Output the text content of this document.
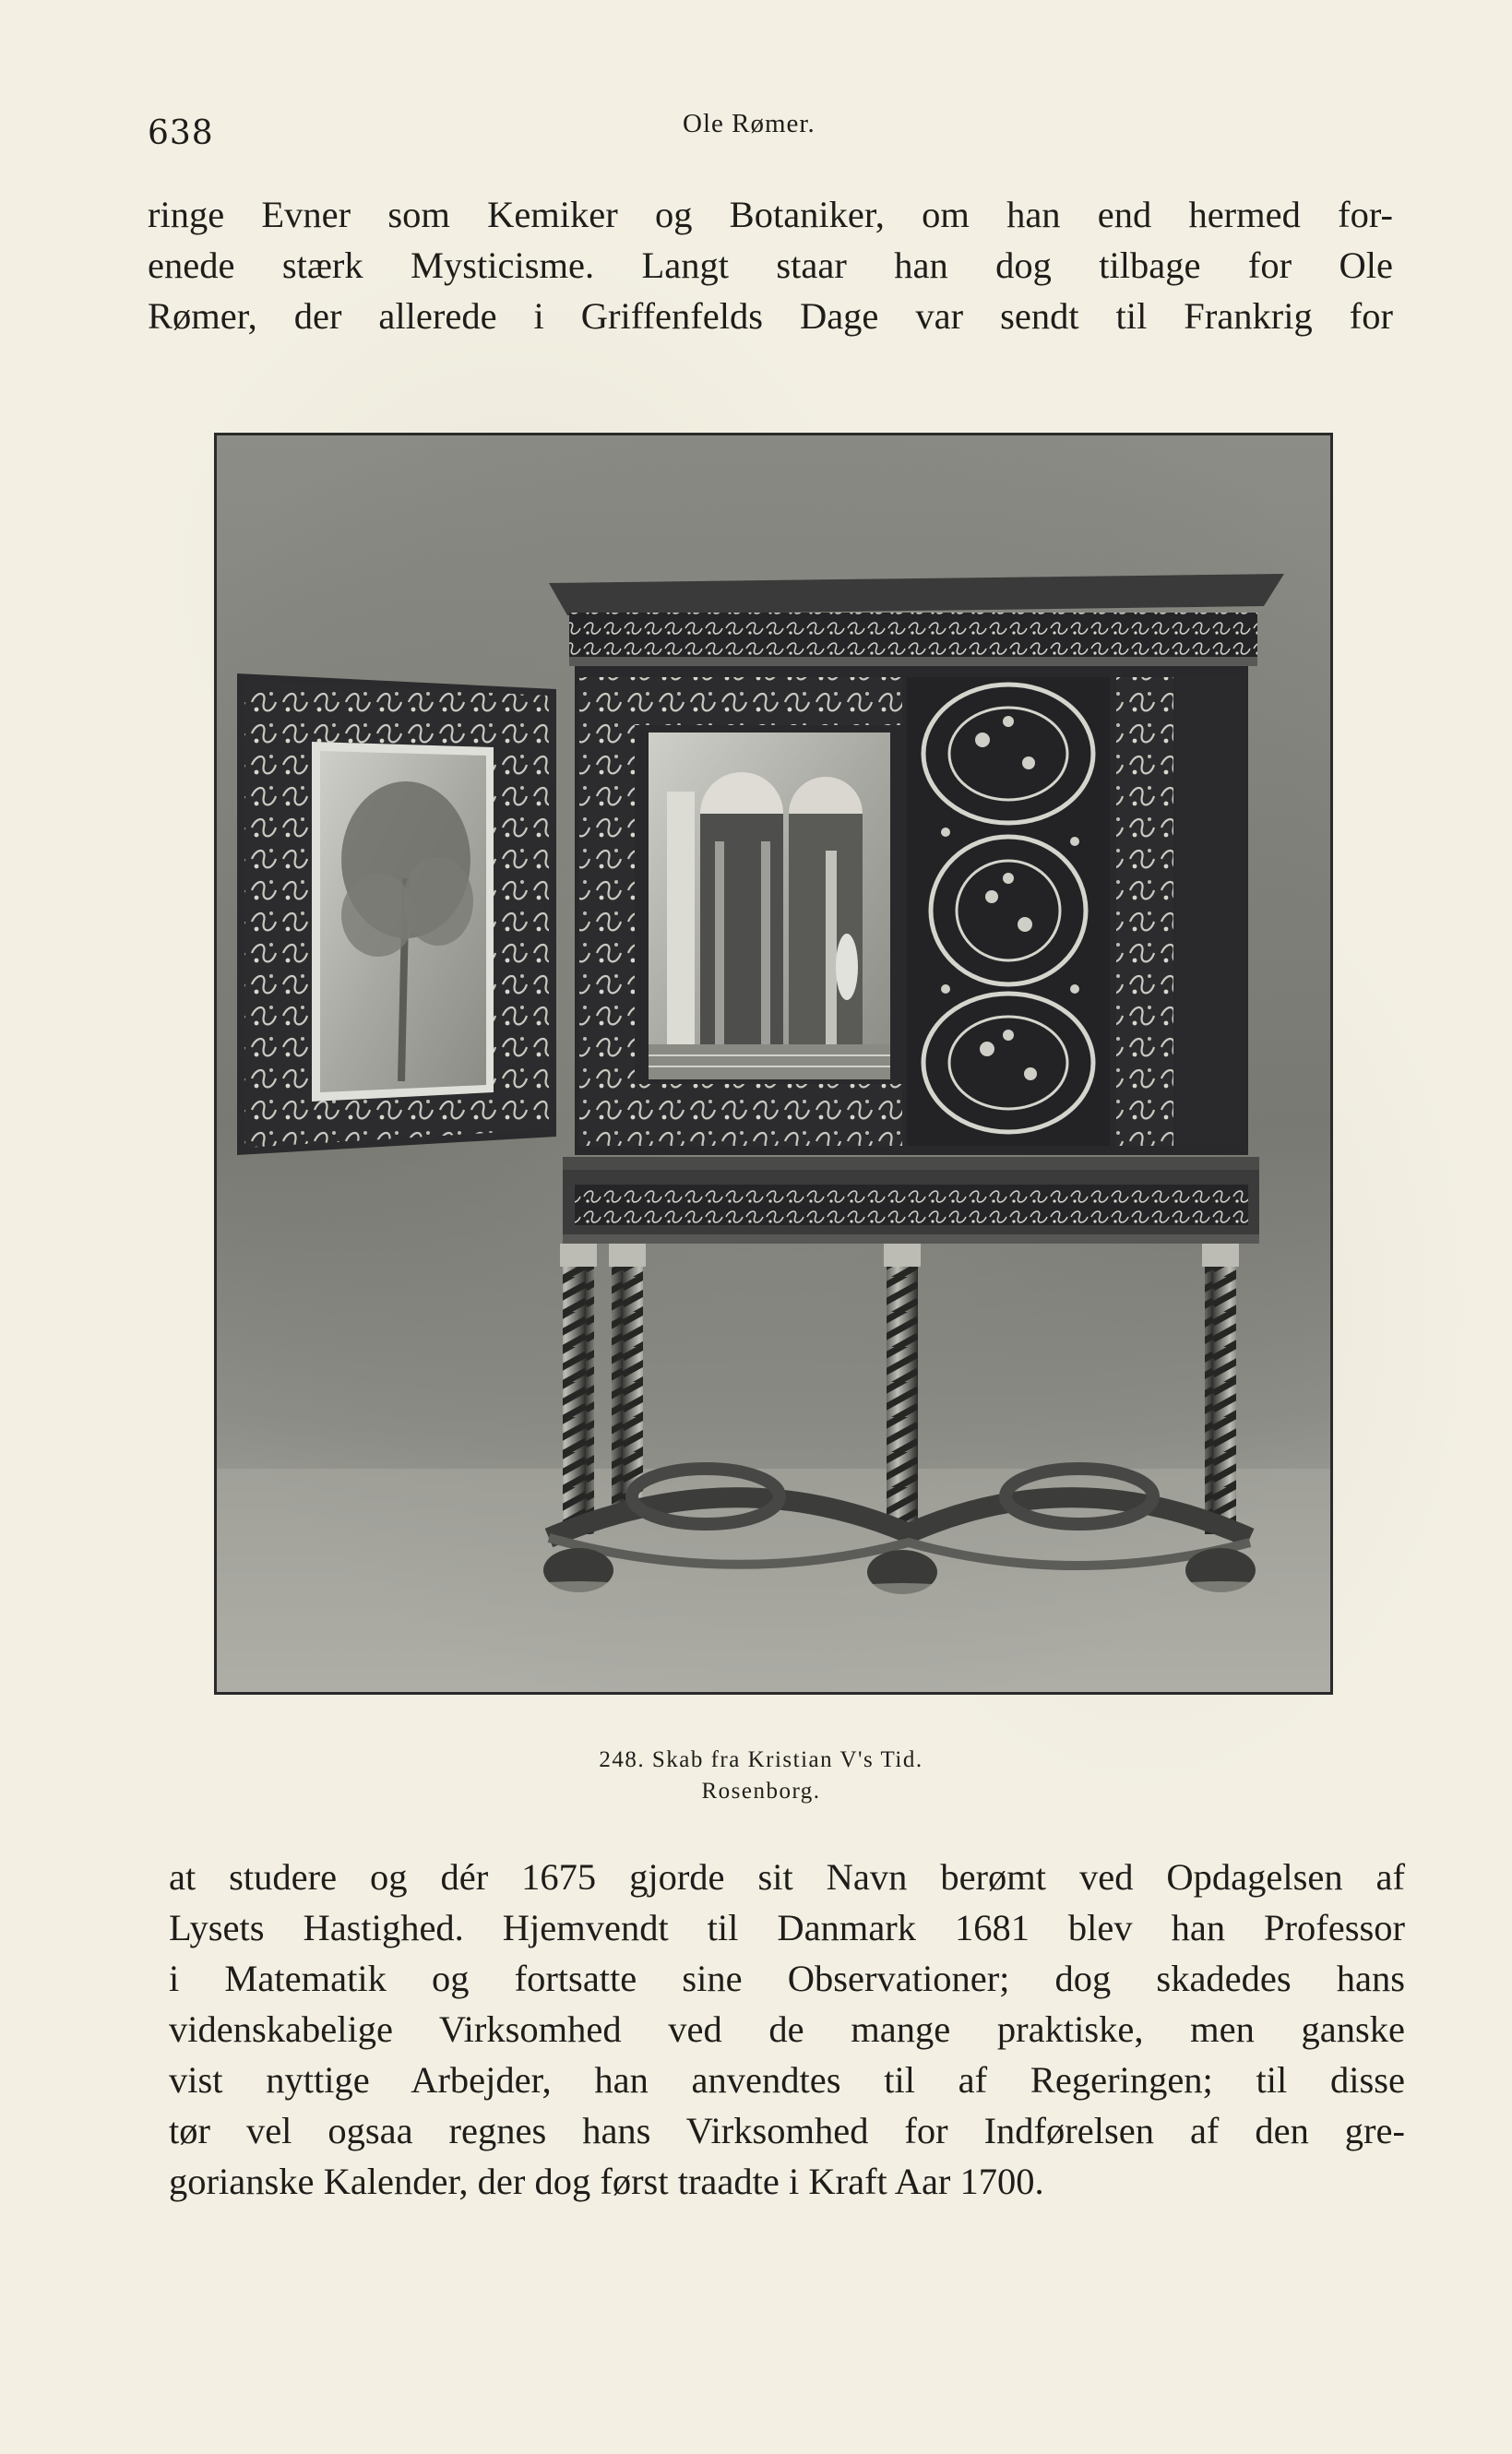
638	Ole Rømer.

ringe Evner som Kemiker og Botaniker, om han end hermed for-
enede stærk Mysticisme. Langt staar han dog tilbage for Ole
Rømer, der allerede i Griffenfelds Dage var sendt til Frankrig for

248. Skab fra Kristian V's Tid.
Rosenborg.

at studere og dér 1675 gjorde sit Navn berømt ved Opdagelsen af
Lysets Hastighed. Hjemvendt til Danmark 1681 blev han Professor
i Matematik og fortsatte sine Observationer; dog skadedes hans
videnskabelige Virksomhed ved de mange praktiske, men ganske
vist nyttige Arbejder, han anvendtes til af Regeringen; til disse
tør vel ogsaa regnes hans Virksomhed for Indførelsen af den gre-
gorianske Kalender, der dog først traadte i Kraft Aar 1700.
